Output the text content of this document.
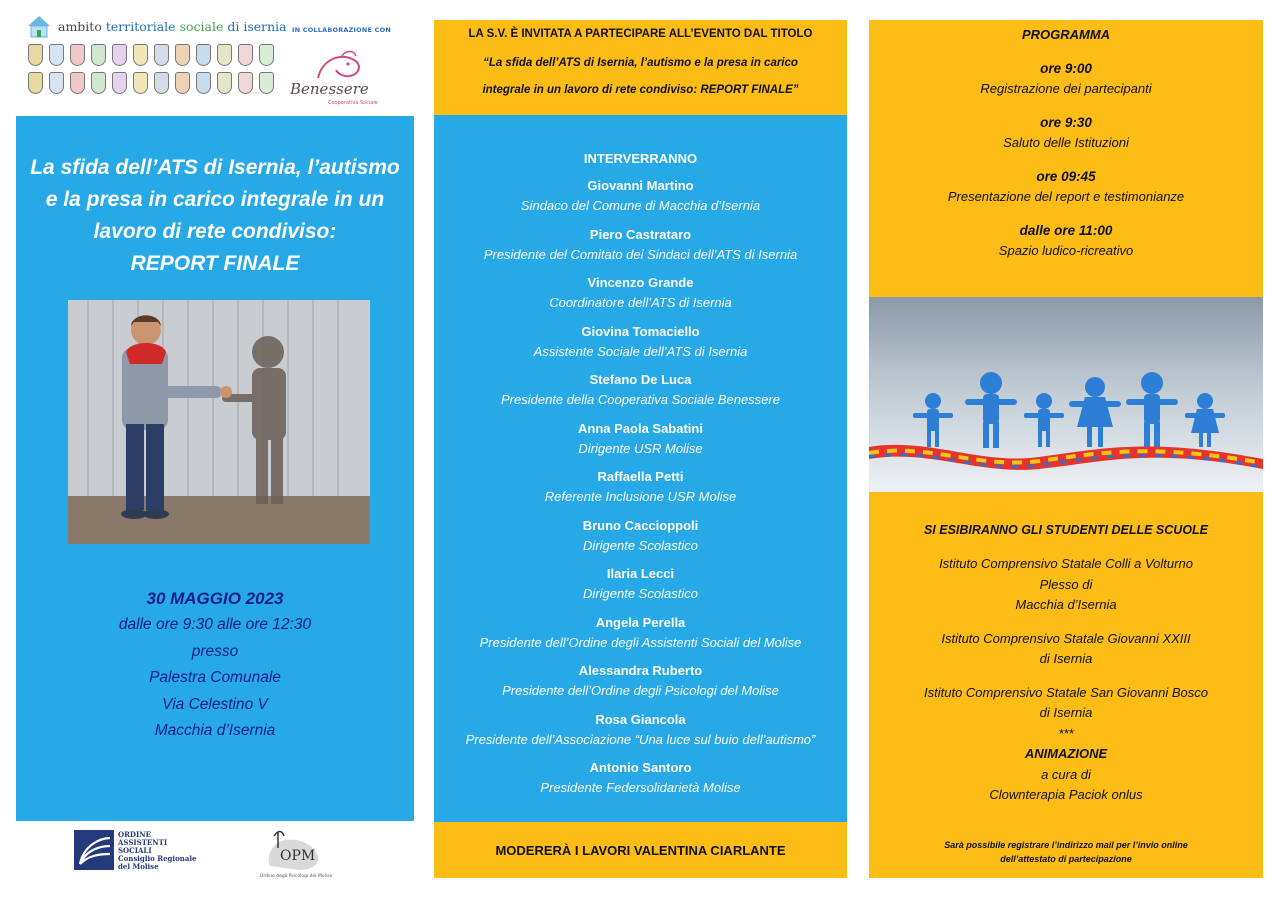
ambito territoriale sociale di isernia IN COLLABORAZIONE CON
Benessere
Cooperativa Sociale
La sfida dell’ATS di Isernia, l’autismo
e la presa in carico integrale in un
lavoro di rete condiviso:
REPORT FINALE
30 MAGGIO 2023
dalle ore 9:30 alle ore 12:30
presso
Palestra Comunale
Via Celestino V
Macchia d’Isernia
ORDINE
ASSISTENTI
SOCIALI
Consiglio Regionale
del Molise
OPM
Ordine degli Psicologi del Molise
LA S.V. È INVITATA A PARTECIPARE ALL’EVENTO DAL TITOLO
“La sfida dell’ATS di Isernia, l’autismo e la presa in carico
integrale in un lavoro di rete condiviso: REPORT FINALE”
INTERVERRANNO
Giovanni Martino
Sindaco del Comune di Macchia d’Isernia
Piero Castrataro
Presidente del Comitato dei Sindaci dell’ATS di Isernia
Vincenzo Grande
Coordinatore dell’ATS di Isernia
Giovina Tomaciello
Assistente Sociale dell’ATS di Isernia
Stefano De Luca
Presidente della Cooperativa Sociale Benessere
Anna Paola Sabatini
Dirigente USR Molise
Raffaella Petti
Referente Inclusione USR Molise
Bruno Caccioppoli
Dirigente Scolastico
Ilaria Lecci
Dirigente Scolastico
Angela Perella
Presidente dell’Ordine degli Assistenti Sociali del Molise
Alessandra Ruberto
Presidente dell’Ordine degli Psicologi del Molise
Rosa Giancola
Presidente dell’Associazione “Una luce sul buio dell’autismo”
Antonio Santoro
Presidente Federsolidarietà Molise
MODERERÀ I LAVORI VALENTINA CIARLANTE
PROGRAMMA
ore 9:00
Registrazione dei partecipanti
ore 9:30
Saluto delle Istituzioni
ore 09:45
Presentazione del report e testimonianze
dalle ore 11:00
Spazio ludico-ricreativo
SI ESIBIRANNO GLI STUDENTI DELLE SCUOLE
Istituto Comprensivo Statale Colli a Volturno
Plesso di
Macchia d’Isernia
Istituto Comprensivo Statale Giovanni XXIII
di Isernia
Istituto Comprensivo Statale San Giovanni Bosco
di Isernia
***
ANIMAZIONE
a cura di
Clownterapia Paciok onlus
Sarà possibile registrare l’indirizzo mail per l’invio online
dell’attestato di partecipazione
